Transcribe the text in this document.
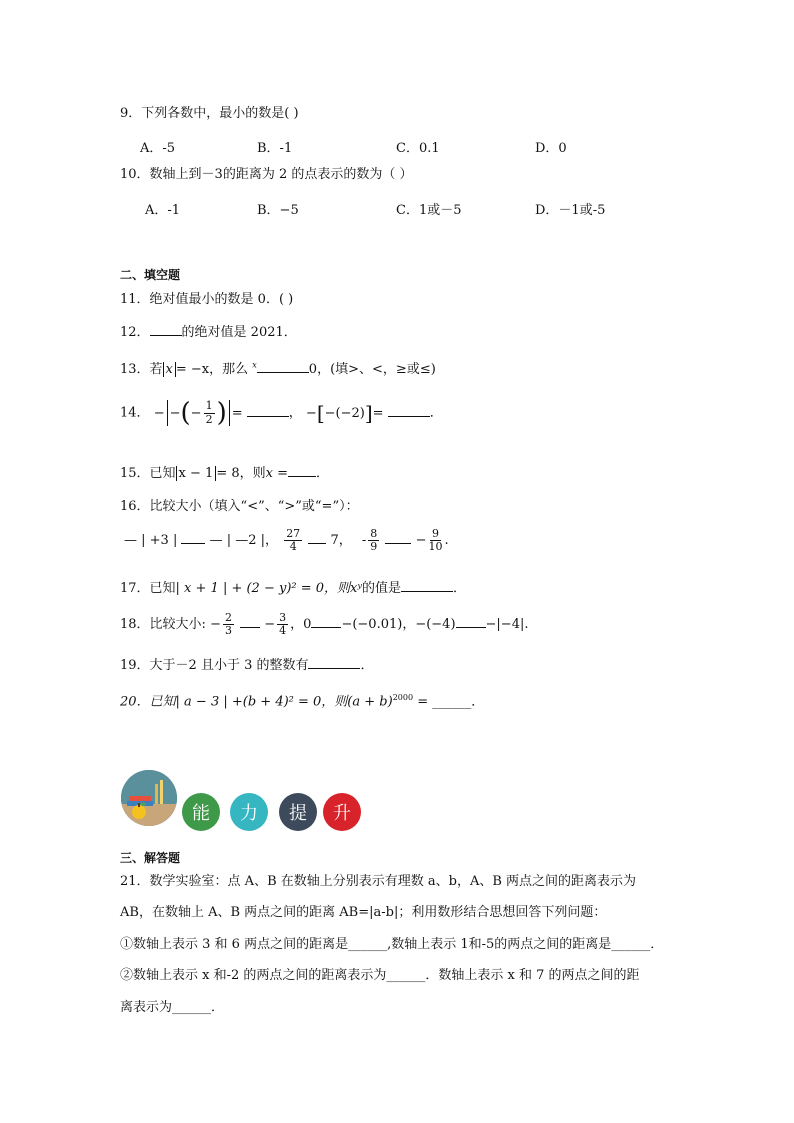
9．下列各数中，最小的数是( )
A．-5	B．-1	C．0.1	D．0
10．数轴上到－3的距离为 2 的点表示的数为（ ）
A．-1	B．−5	C．1或－5	D．－1或-5
二、填空题
11．绝对值最小的数是 0．( )
12． 的绝对值是 2021．
13．若 x = −x，那么 $^x$	0，(填>、<，≥或≤)
14． − −(− $\frac{1}{2}$ ) =	， −[−(−2)]=	．
15．已知 x − 1 = 8，则x = ．
16．比较大小（填入“<”、“>”或“=”）：
— | +3 | — | —2 |， $\frac{27}{4} 7$， - $\frac{8}{9} - \frac{9}{10}$ .
17．已知| x + 1 | + (2 − y)² = 0，则xʸ的值是	．
18．比较大小: − $\frac{2}{3} - \frac{3}{4}$ ，0 −(−0.01)，−(−4) −|−4|.
19．大于－2 且小于 3 的整数有	．
20．已知| a − 3 | +(b + 4)² = 0，则$(a + b)^{2000}$ = ______．
能	力	提	升
三、解答题
21．数学实验室：点 A、B 在数轴上分别表示有理数 a、b，A、B 两点之间的距离表示为
AB，在数轴上 A、B 两点之间的距离 AB=|a-b|；利用数形结合思想回答下列问题：
①数轴上表示 3 和 6 两点之间的距离是______,数轴上表示 1和-5的两点之间的距离是______．
②数轴上表示 x 和-2 的两点之间的距离表示为______．数轴上表示 x 和 7 的两点之间的距
离表示为______．
